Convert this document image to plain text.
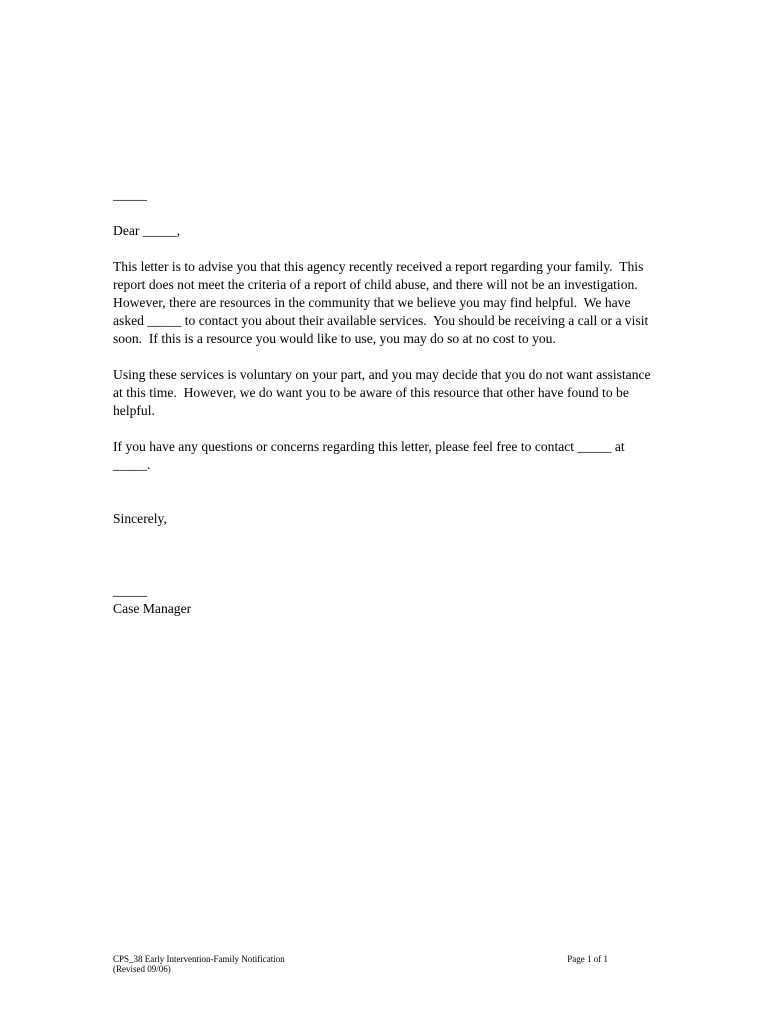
_____

Dear _____,

This letter is to advise you that this agency recently received a report regarding your family.  This report does not meet the criteria of a report of child abuse, and there will not be an investigation.  However, there are resources in the community that we believe you may find helpful.  We have asked _____ to contact you about their available services.  You should be receiving a call or a visit soon.  If this is a resource you would like to use, you may do so at no cost to you.

Using these services is voluntary on your part, and you may decide that you do not want assistance at this time.  However, we do want you to be aware of this resource that other have found to be helpful.

If you have any questions or concerns regarding this letter, please feel free to contact _____ at _____.

Sincerely,

_____

Case Manager

CPS_38 Early Intervention-Family Notification	Page 1 of 1
(Revised 09/06)
